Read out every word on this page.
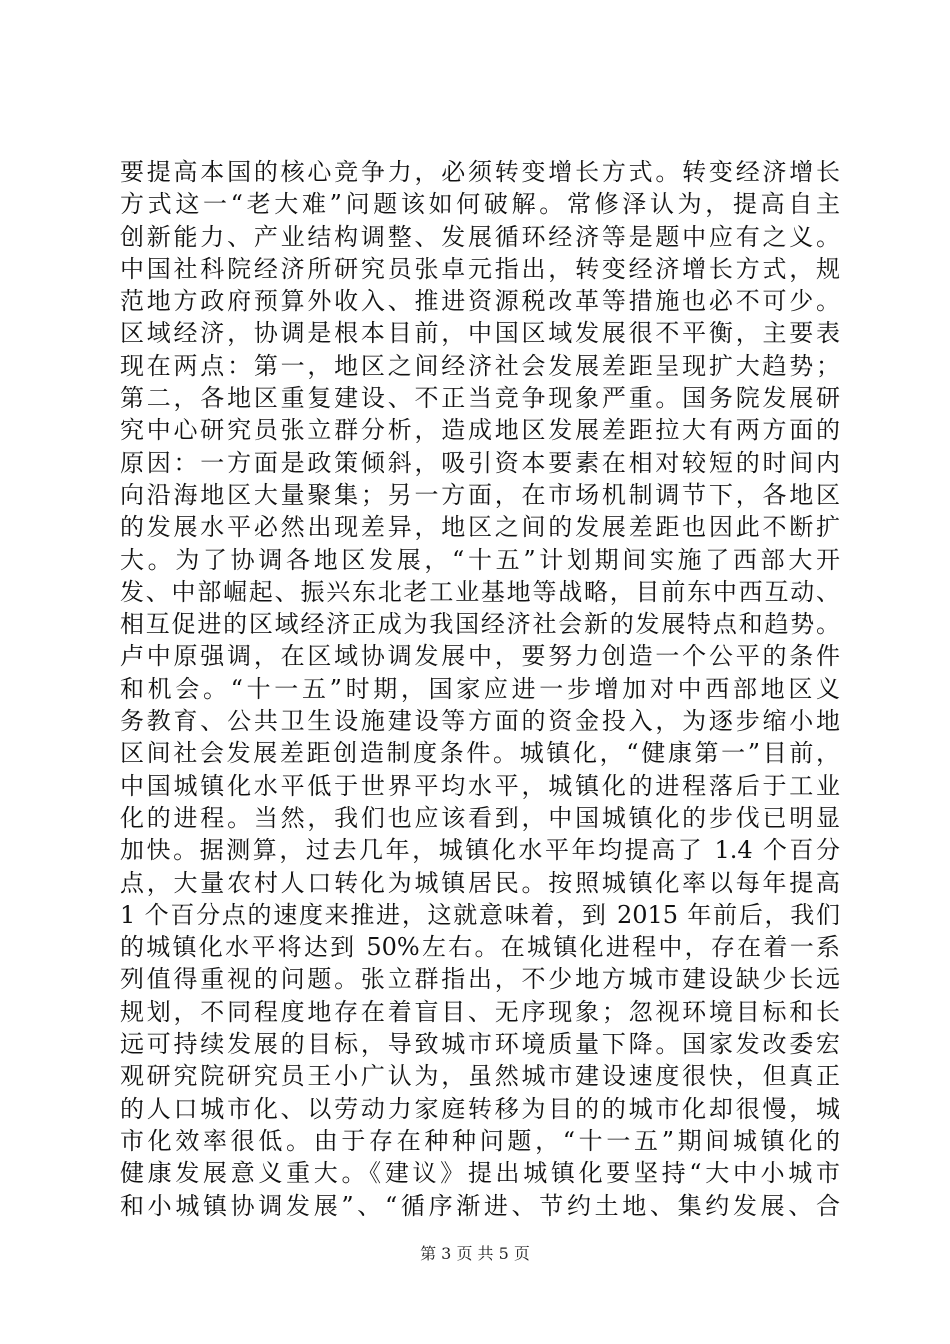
要提高本国的核心竞争力，必须转变增长方式。转变经济增长
方式这一“老大难”问题该如何破解。常修泽认为，提高自主
创新能力、产业结构调整、发展循环经济等是题中应有之义。
中国社科院经济所研究员张卓元指出，转变经济增长方式，规
范地方政府预算外收入、推进资源税改革等措施也必不可少。
区域经济，协调是根本目前，中国区域发展很不平衡，主要表
现在两点：第一，地区之间经济社会发展差距呈现扩大趋势；
第二，各地区重复建设、不正当竞争现象严重。国务院发展研
究中心研究员张立群分析，造成地区发展差距拉大有两方面的
原因：一方面是政策倾斜，吸引资本要素在相对较短的时间内
向沿海地区大量聚集；另一方面，在市场机制调节下，各地区
的发展水平必然出现差异，地区之间的发展差距也因此不断扩
大。为了协调各地区发展，“十五”计划期间实施了西部大开
发、中部崛起、振兴东北老工业基地等战略，目前东中西互动、
相互促进的区域经济正成为我国经济社会新的发展特点和趋势。
卢中原强调，在区域协调发展中，要努力创造一个公平的条件
和机会。“十一五”时期，国家应进一步增加对中西部地区义
务教育、公共卫生设施建设等方面的资金投入，为逐步缩小地
区间社会发展差距创造制度条件。城镇化，“健康第一”目前，
中国城镇化水平低于世界平均水平，城镇化的进程落后于工业
化的进程。当然，我们也应该看到，中国城镇化的步伐已明显
加快。据测算，过去几年，城镇化水平年均提高了 1.4 个百分
点，大量农村人口转化为城镇居民。按照城镇化率以每年提高
1 个百分点的速度来推进，这就意味着，到 2015 年前后，我们
的城镇化水平将达到 50%左右。在城镇化进程中，存在着一系
列值得重视的问题。张立群指出，不少地方城市建设缺少长远
规划，不同程度地存在着盲目、无序现象；忽视环境目标和长
远可持续发展的目标，导致城市环境质量下降。国家发改委宏
观研究院研究员王小广认为，虽然城市建设速度很快，但真正
的人口城市化、以劳动力家庭转移为目的的城市化却很慢，城
市化效率很低。由于存在种种问题，“十一五”期间城镇化的
健康发展意义重大。《建议》提出城镇化要坚持“大中小城市
和小城镇协调发展”、“循序渐进、节约土地、集约发展、合
第 3 页 共 5 页
